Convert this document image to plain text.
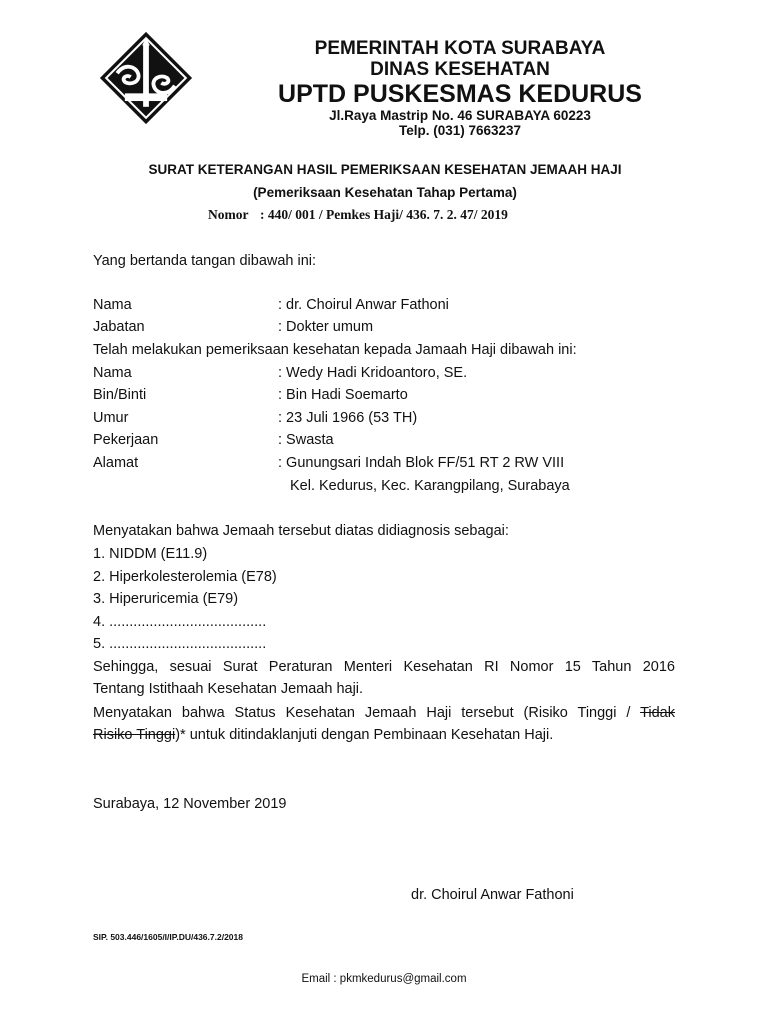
PEMERINTAH KOTA SURABAYA
DINAS KESEHATAN
UPTD PUSKESMAS KEDURUS
Jl.Raya Mastrip No. 46 SURABAYA 60223
Telp. (031) 7663237
SURAT KETERANGAN HASIL PEMERIKSAAN KESEHATAN JEMAAH HAJI
(Pemeriksaan Kesehatan Tahap Pertama)
Nomor : 440/ 001 / Pemkes Haji/ 436. 7. 2. 47/ 2019
Yang bertanda tangan dibawah ini:
Nama	: dr. Choirul Anwar Fathoni
Jabatan	: Dokter umum
Telah melakukan pemeriksaan kesehatan kepada Jamaah Haji dibawah ini:
Nama	: Wedy Hadi Kridoantoro, SE.
Bin/Binti	: Bin Hadi Soemarto
Umur	: 23 Juli 1966 (53 TH)
Pekerjaan	: Swasta
Alamat	: Gunungsari Indah Blok FF/51 RT 2 RW VIII
Kel. Kedurus, Kec. Karangpilang, Surabaya
Menyatakan bahwa Jemaah tersebut diatas didiagnosis sebagai:
1. NIDDM (E11.9)
2. Hiperkolesterolemia (E78)
3. Hiperuricemia (E79)
4. .......................................
5. .......................................
Sehingga, sesuai Surat Peraturan Menteri Kesehatan RI Nomor 15 Tahun 2016
Tentang Istithaah Kesehatan Jemaah haji.
Menyatakan bahwa Status Kesehatan Jemaah Haji tersebut (Risiko Tinggi / Tidak
Risiko Tinggi)* untuk ditindaklanjuti dengan Pembinaan Kesehatan Haji.
Surabaya, 12 November 2019
dr. Choirul Anwar Fathoni
SIP. 503.446/1605/I/IP.DU/436.7.2/2018
Email : pkmkedurus@gmail.com
